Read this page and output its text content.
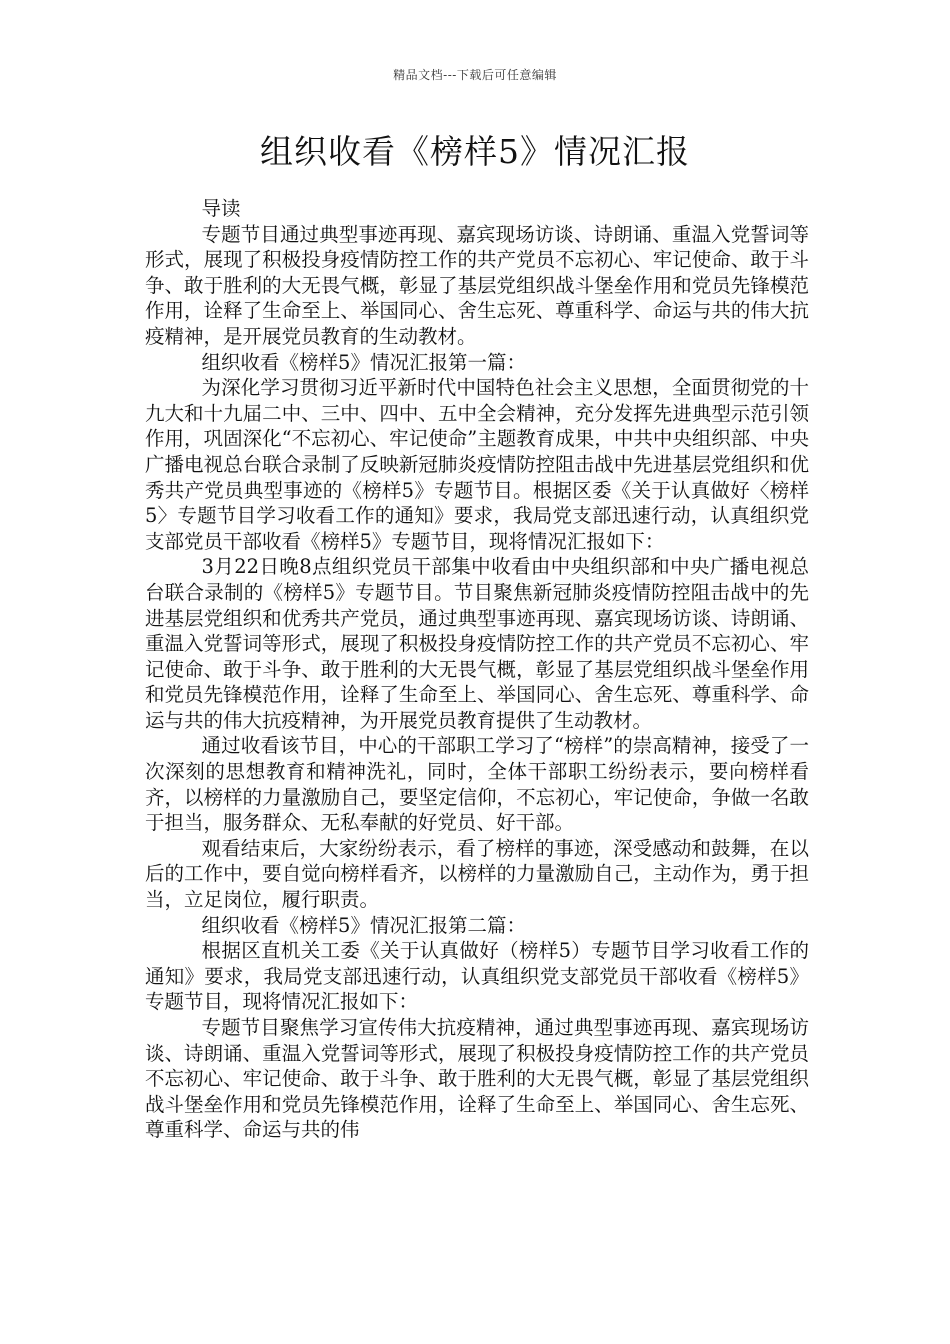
精品文档---下载后可任意编辑
组织收看《榜样5》情况汇报

导读

专题节目通过典型事迹再现、嘉宾现场访谈、诗朗诵、重温入党誓词等形式，展现了积极投身疫情防控工作的共产党员不忘初心、牢记使命、敢于斗争、敢于胜利的大无畏气概，彰显了基层党组织战斗堡垒作用和党员先锋模范作用，诠释了生命至上、举国同心、舍生忘死、尊重科学、命运与共的伟大抗疫精神，是开展党员教育的生动教材。

组织收看《榜样5》情况汇报第一篇：

为深化学习贯彻习近平新时代中国特色社会主义思想，全面贯彻党的十九大和十九届二中、三中、四中、五中全会精神，充分发挥先进典型示范引领作用，巩固深化“不忘初心、牢记使命”主题教育成果，中共中央组织部、中央广播电视总台联合录制了反映新冠肺炎疫情防控阻击战中先进基层党组织和优秀共产党员典型事迹的《榜样5》专题节目。根据区委《关于认真做好〈榜样5〉专题节目学习收看工作的通知》要求，我局党支部迅速行动，认真组织党支部党员干部收看《榜样5》专题节目，现将情况汇报如下：

3月22日晚8点组织党员干部集中收看由中央组织部和中央广播电视总台联合录制的《榜样5》专题节目。节目聚焦新冠肺炎疫情防控阻击战中的先进基层党组织和优秀共产党员，通过典型事迹再现、嘉宾现场访谈、诗朗诵、重温入党誓词等形式，展现了积极投身疫情防控工作的共产党员不忘初心、牢记使命、敢于斗争、敢于胜利的大无畏气概，彰显了基层党组织战斗堡垒作用和党员先锋模范作用，诠释了生命至上、举国同心、舍生忘死、尊重科学、命运与共的伟大抗疫精神，为开展党员教育提供了生动教材。

通过收看该节目，中心的干部职工学习了“榜样”的崇高精神，接受了一次深刻的思想教育和精神洗礼，同时，全体干部职工纷纷表示，要向榜样看齐，以榜样的力量激励自己，要坚定信仰，不忘初心，牢记使命，争做一名敢于担当，服务群众、无私奉献的好党员、好干部。

观看结束后，大家纷纷表示，看了榜样的事迹，深受感动和鼓舞，在以后的工作中，要自觉向榜样看齐，以榜样的力量激励自己，主动作为，勇于担当，立足岗位，履行职责。

组织收看《榜样5》情况汇报第二篇：

根据区直机关工委《关于认真做好（榜样5）专题节目学习收看工作的通知》要求，我局党支部迅速行动，认真组织党支部党员干部收看《榜样5》专题节目，现将情况汇报如下：

专题节目聚焦学习宣传伟大抗疫精神，通过典型事迹再现、嘉宾现场访谈、诗朗诵、重温入党誓词等形式，展现了积极投身疫情防控工作的共产党员不忘初心、牢记使命、敢于斗争、敢于胜利的大无畏气概，彰显了基层党组织战斗堡垒作用和党员先锋模范作用，诠释了生命至上、举国同心、舍生忘死、尊重科学、命运与共的伟
